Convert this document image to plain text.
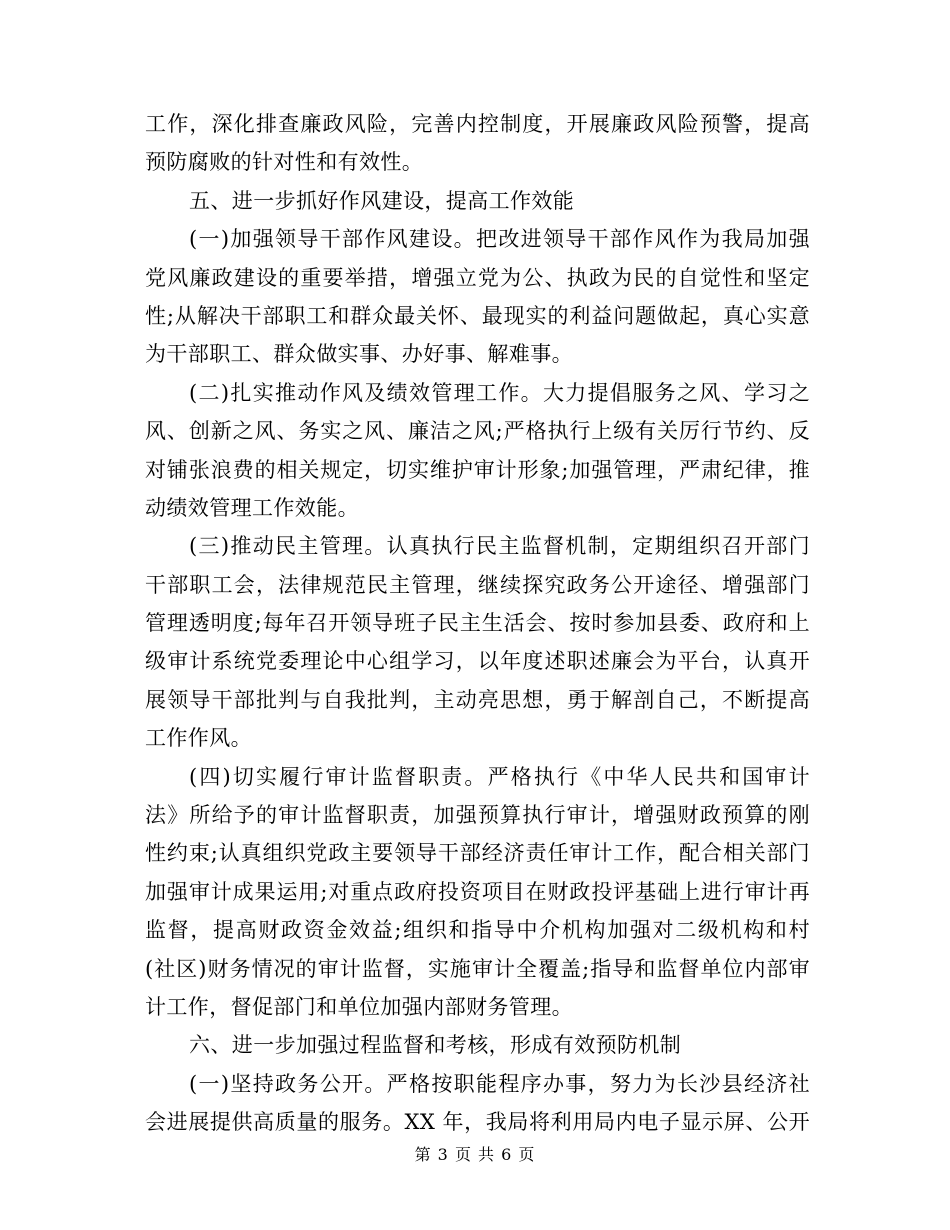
工作，深化排查廉政风险，完善内控制度，开展廉政风险预警，提高
预防腐败的针对性和有效性。
五、进一步抓好作风建设，提高工作效能
(一)加强领导干部作风建设。把改进领导干部作风作为我局加强
党风廉政建设的重要举措，增强立党为公、执政为民的自觉性和坚定
性;从解决干部职工和群众最关怀、最现实的利益问题做起，真心实意
为干部职工、群众做实事、办好事、解难事。
(二)扎实推动作风及绩效管理工作。大力提倡服务之风、学习之
风、创新之风、务实之风、廉洁之风;严格执行上级有关厉行节约、反
对铺张浪费的相关规定，切实维护审计形象;加强管理，严肃纪律，推
动绩效管理工作效能。
(三)推动民主管理。认真执行民主监督机制，定期组织召开部门
干部职工会，法律规范民主管理，继续探究政务公开途径、增强部门
管理透明度;每年召开领导班子民主生活会、按时参加县委、政府和上
级审计系统党委理论中心组学习，以年度述职述廉会为平台，认真开
展领导干部批判与自我批判，主动亮思想，勇于解剖自己，不断提高
工作作风。
(四)切实履行审计监督职责。严格执行《中华人民共和国审计
法》所给予的审计监督职责，加强预算执行审计，增强财政预算的刚
性约束;认真组织党政主要领导干部经济责任审计工作，配合相关部门
加强审计成果运用;对重点政府投资项目在财政投评基础上进行审计再
监督，提高财政资金效益;组织和指导中介机构加强对二级机构和村
(社区)财务情况的审计监督，实施审计全覆盖;指导和监督单位内部审
计工作，督促部门和单位加强内部财务管理。
六、进一步加强过程监督和考核，形成有效预防机制
(一)坚持政务公开。严格按职能程序办事，努力为长沙县经济社
会进展提供高质量的服务。XX 年，我局将利用局内电子显示屏、公开
第 3 页 共 6 页
